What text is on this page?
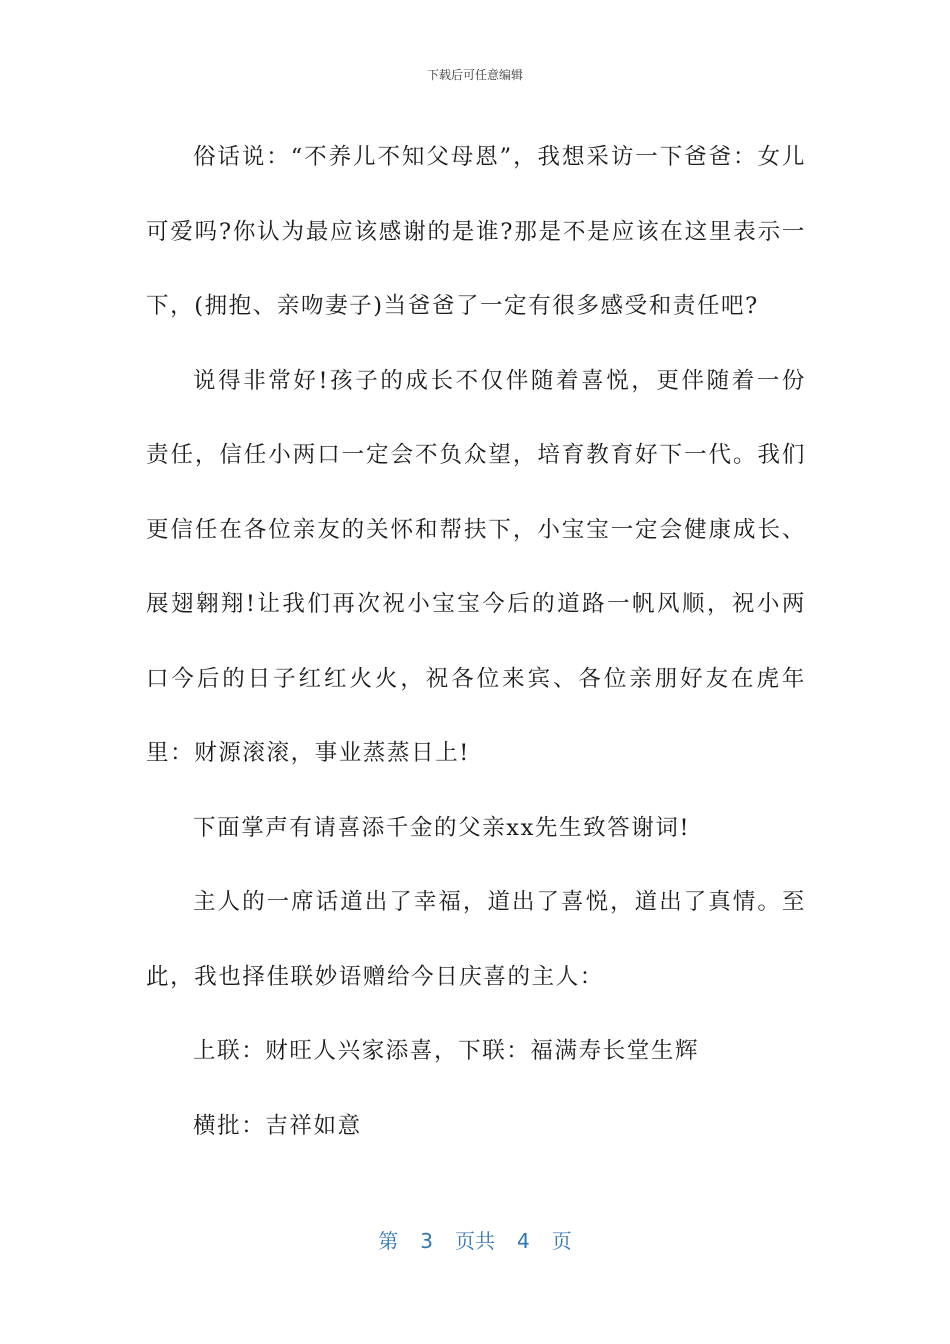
下载后可任意编辑

俗话说：“不养儿不知父母恩”，我想采访一下爸爸：女儿可爱吗?你认为最应该感谢的是谁?那是不是应该在这里表示一下，(拥抱、亲吻妻子)当爸爸了一定有很多感受和责任吧?

说得非常好!孩子的成长不仅伴随着喜悦，更伴随着一份责任，信任小两口一定会不负众望，培育教育好下一代。我们更信任在各位亲友的关怀和帮扶下，小宝宝一定会健康成长、展翅翱翔!让我们再次祝小宝宝今后的道路一帆风顺，祝小两口今后的日子红红火火，祝各位来宾、各位亲朋好友在虎年里：财源滚滚，事业蒸蒸日上!

下面掌声有请喜添千金的父亲xx先生致答谢词!

主人的一席话道出了幸福，道出了喜悦，道出了真情。至此，我也择佳联妙语赠给今日庆喜的主人：

上联：财旺人兴家添喜，下联：福满寿长堂生辉

横批：吉祥如意

第 3 页共 4 页
